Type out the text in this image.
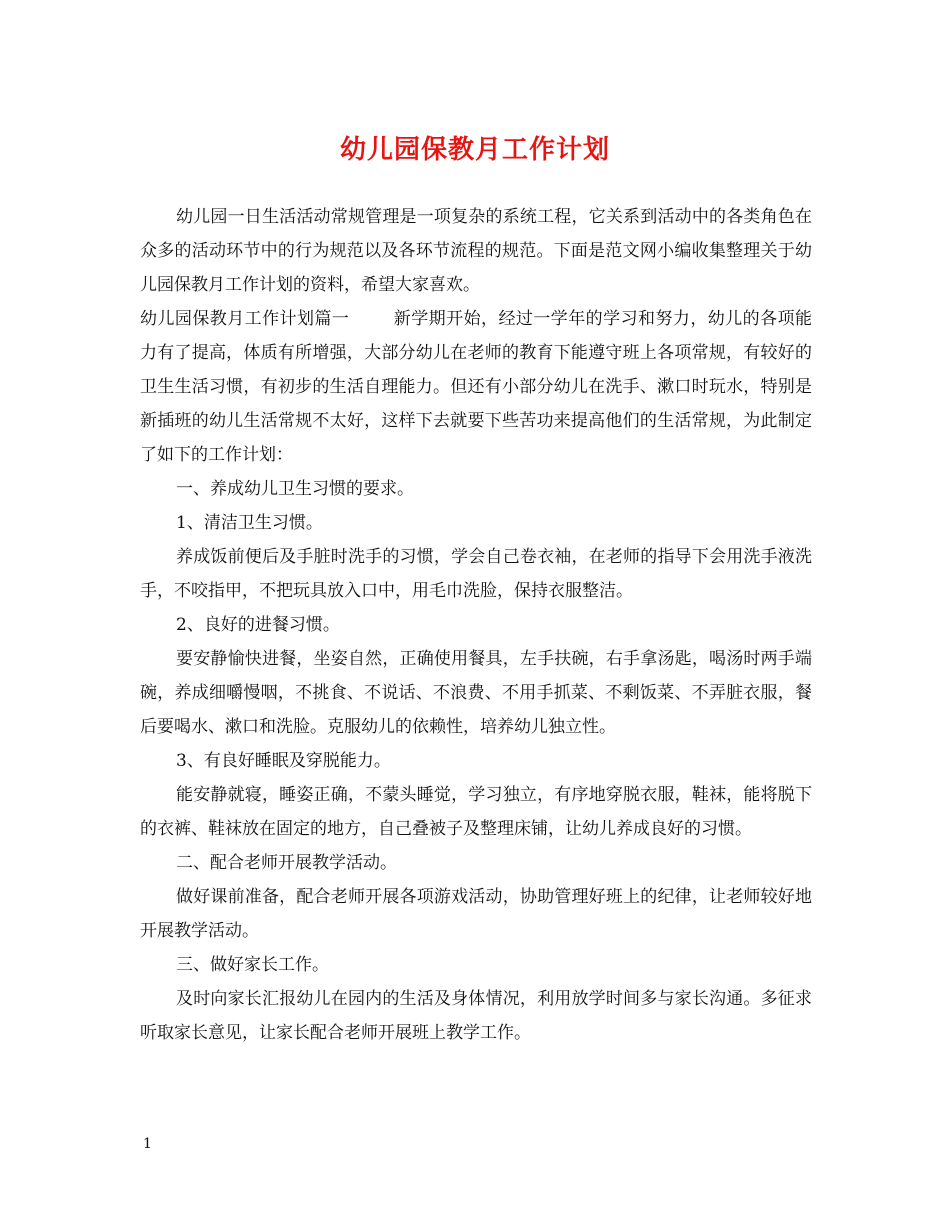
幼儿园保教月工作计划

幼儿园一日生活活动常规管理是一项复杂的系统工程，它关系到活动中的各类角色在众多的活动环节中的行为规范以及各环节流程的规范。下面是范文网小编收集整理关于幼儿园保教月工作计划的资料，希望大家喜欢。

幼儿园保教月工作计划篇一	新学期开始，经过一学年的学习和努力，幼儿的各项能力有了提高，体质有所增强，大部分幼儿在老师的教育下能遵守班上各项常规，有较好的卫生生活习惯，有初步的生活自理能力。但还有小部分幼儿在洗手、漱口时玩水，特别是新插班的幼儿生活常规不太好，这样下去就要下些苦功来提高他们的生活常规，为此制定了如下的工作计划：

一、养成幼儿卫生习惯的要求。

1、清洁卫生习惯。

养成饭前便后及手脏时洗手的习惯，学会自己卷衣袖，在老师的指导下会用洗手液洗手，不咬指甲，不把玩具放入口中，用毛巾洗脸，保持衣服整洁。

2、良好的进餐习惯。

要安静愉快进餐，坐姿自然，正确使用餐具，左手扶碗，右手拿汤匙，喝汤时两手端碗，养成细嚼慢咽，不挑食、不说话、不浪费、不用手抓菜、不剩饭菜、不弄脏衣服，餐后要喝水、漱口和洗脸。克服幼儿的依赖性，培养幼儿独立性。

3、有良好睡眠及穿脱能力。

能安静就寝，睡姿正确，不蒙头睡觉，学习独立，有序地穿脱衣服，鞋袜，能将脱下的衣裤、鞋袜放在固定的地方，自己叠被子及整理床铺，让幼儿养成良好的习惯。

二、配合老师开展教学活动。

做好课前准备，配合老师开展各项游戏活动，协助管理好班上的纪律，让老师较好地开展教学活动。

三、做好家长工作。

及时向家长汇报幼儿在园内的生活及身体情况，利用放学时间多与家长沟通。多征求听取家长意见，让家长配合老师开展班上教学工作。

1
